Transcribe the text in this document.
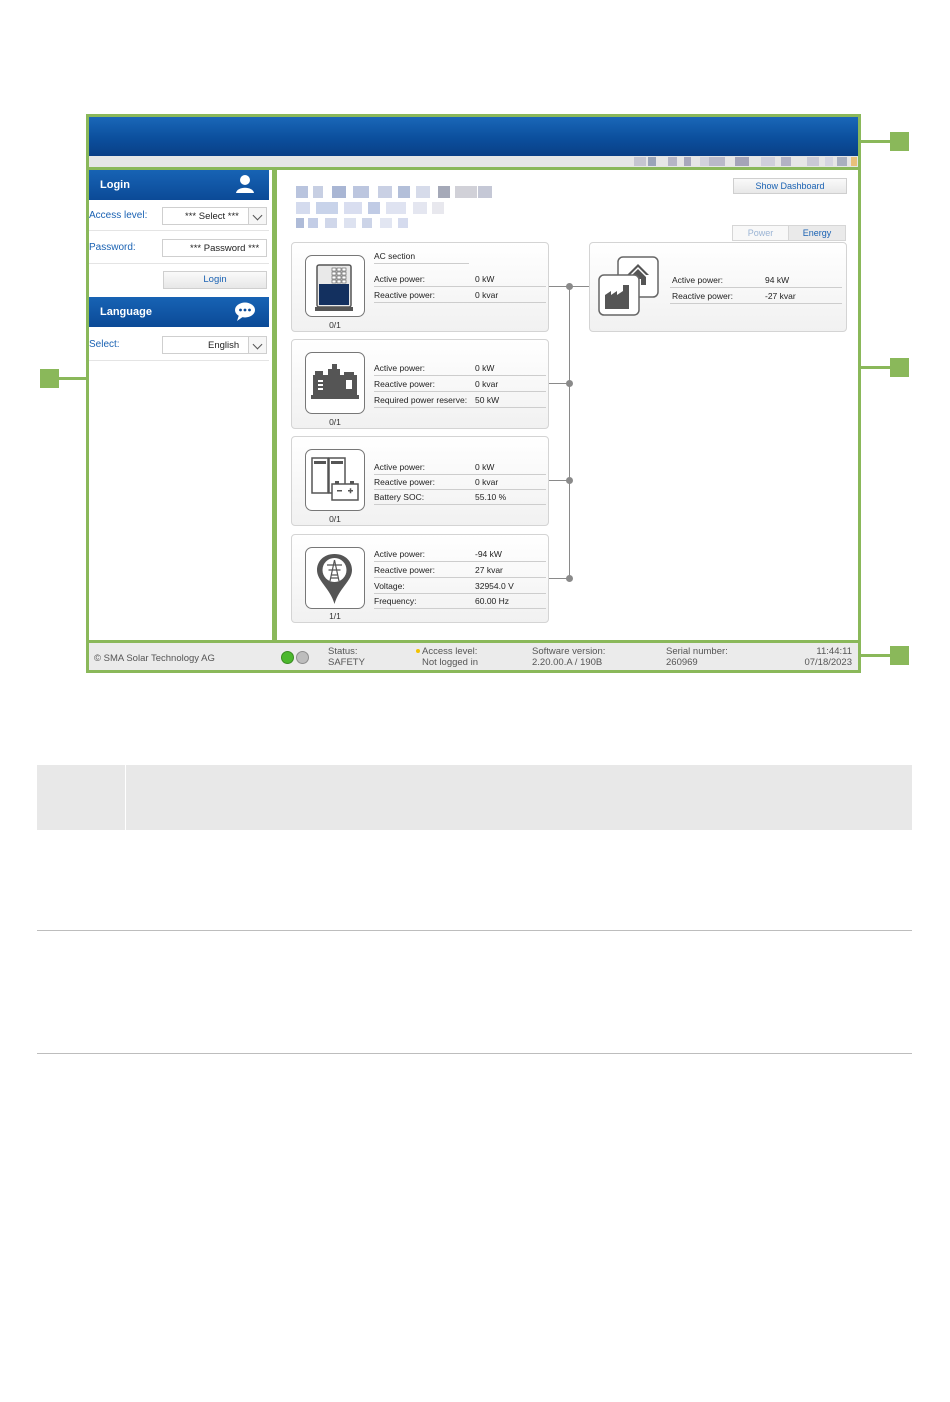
Login
Access level:	*** Select ***
Password:	*** Password ***
Login
Language
Select:	English
Show Dashboard
Power	Energy
0/1
AC section
Active power:	0 kW
Reactive power:	0 kvar
0/1
Active power:	0 kW
Reactive power:	0 kvar
Required power reserve: 50 kW
0/1
Active power:	0 kW
Reactive power:	0 kvar
Battery SOC:	55.10 %
1/1
Active power:	-94 kW
Reactive power:	27 kvar
Voltage:	32954.0 V
Frequency:	60.00 Hz
Active power:	94 kW
Reactive power:	-27 kvar
© SMA Solar Technology AG
Status:
SAFETY
Access level:
Not logged in
Software version:
2.20.00.A / 190B
Serial number:
260969
11:44:11
07/18/2023
